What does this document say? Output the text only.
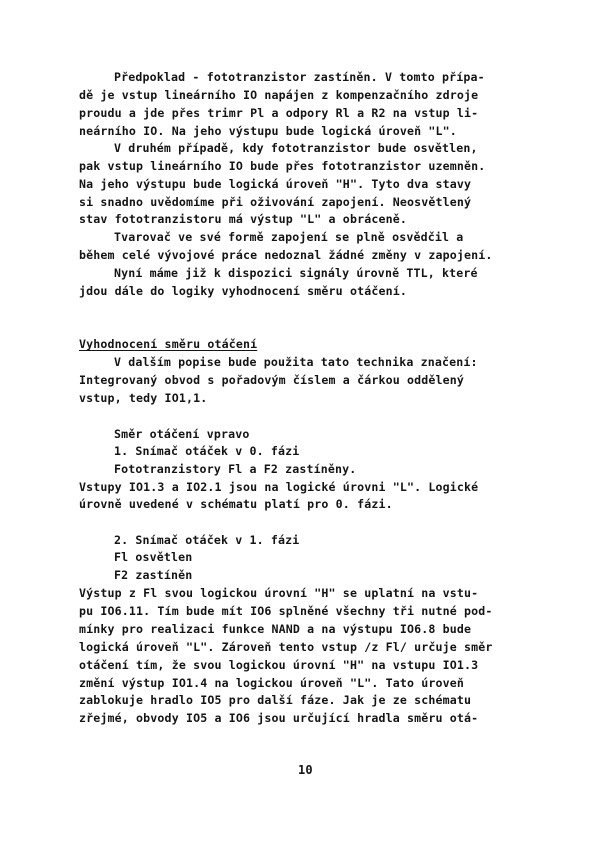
Předpoklad - fototranzistor zastíněn. V tomto přípa-
dě je vstup lineárního IO napájen z kompenzačního zdroje
proudu a jde přes trimr Pl a odpory Rl a R2 na vstup li-
neárního IO. Na jeho výstupu bude logická úroveň "L".
V druhém případě, kdy fototranzistor bude osvětlen,
pak vstup lineárního IO bude přes fototranzistor uzemněn.
Na jeho výstupu bude logická úroveň "H". Tyto dva stavy
si snadno uvědomíme při oživování zapojení. Neosvětlený
stav fototranzistoru má výstup "L" a obráceně.
Tvarovač ve své formě zapojení se plně osvědčil a
během celé vývojové práce nedoznal žádné změny v zapojení.
Nyní máme již k dispozici signály úrovně TTL, které
jdou dále do logiky vyhodnocení směru otáčení.
Vyhodnocení směru otáčení
V dalším popise bude použita tato technika značení:
Integrovaný obvod s pořadovým číslem a čárkou oddělený
vstup, tedy IO1,1.
Směr otáčení vpravo
1. Snímač otáček v 0. fázi
Fototranzistory Fl a F2 zastíněny.
Vstupy IO1.3 a IO2.1 jsou na logické úrovni "L". Logické
úrovně uvedené v schématu platí pro 0. fázi.
2. Snímač otáček v 1. fázi
Fl osvětlen
F2 zastíněn
Výstup z Fl svou logickou úrovní "H" se uplatní na vstu-
pu IO6.11. Tím bude mít IO6 splněné všechny tři nutné pod-
mínky pro realizaci funkce NAND a na výstupu IO6.8 bude
logická úroveň "L". Zároveň tento vstup /z Fl/ určuje směr
otáčení tím, že svou logickou úrovní "H" na vstupu IO1.3
změní výstup IO1.4 na logickou úroveň "L". Tato úroveň
zablokuje hradlo IO5 pro další fáze. Jak je ze schématu
zřejmé, obvody IO5 a IO6 jsou určující hradla směru otá-
10
